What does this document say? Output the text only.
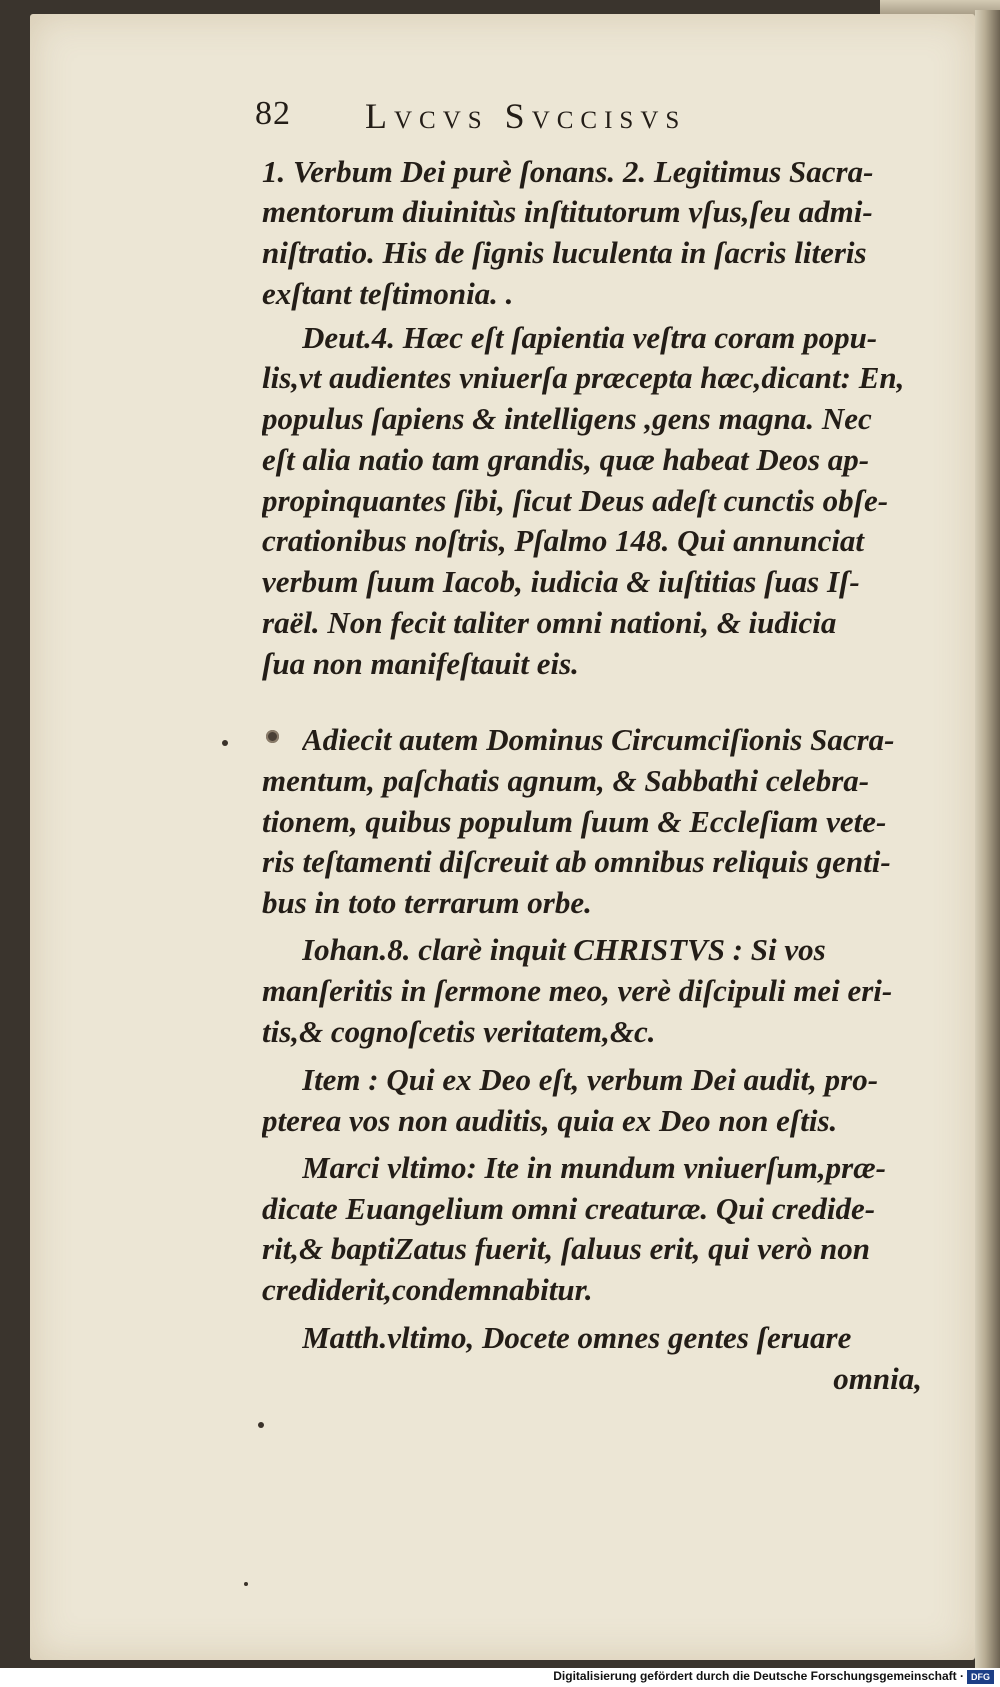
82 Lvcvs Svccisvs
1. Verbum Dei purè ſonans. 2. Legitimus Sacra-
mentorum diuinitùs inſtitutorum vſus,ſeu admi-
niſtratio. His de ſignis luculenta in ſacris literis
exſtant teſtimonia. .
Deut.4. Hæc eſt ſapientia veſtra coram popu-
lis,vt audientes vniuerſa præcepta hæc,dicant: En,
populus ſapiens & intelligens ,gens magna. Nec
eſt alia natio tam grandis, quæ habeat Deos ap-
propinquantes ſibi, ſicut Deus adeſt cunctis obſe-
crationibus noſtris, Pſalmo 148. Qui annunciat
verbum ſuum Iacob, iudicia & iuſtitias ſuas Iſ-
raël. Non fecit taliter omni nationi, & iudicia
ſua non manifeſtauit eis.
Adiecit autem Dominus Circumciſionis Sacra-
mentum, paſchatis agnum, & Sabbathi celebra-
tionem, quibus populum ſuum & Eccleſiam vete-
ris teſtamenti diſcreuit ab omnibus reliquis genti-
bus in toto terrarum orbe.
Iohan.8. clarè inquit CHRISTVS : Si vos
manſeritis in ſermone meo, verè diſcipuli mei eri-
tis,& cognoſcetis veritatem,&c.
Item : Qui ex Deo eſt, verbum Dei audit, pro-
pterea vos non auditis, quia ex Deo non eſtis.
Marci vltimo: Ite in mundum vniuerſum,præ-
dicate Euangelium omni creaturæ. Qui credide-
rit,& baptiZatus fuerit, ſaluus erit, qui verò non
crediderit,condemnabitur.
Matth.vltimo, Docete omnes gentes ſeruare
omnia,
Digitalisierung gefördert durch die Deutsche Forschungsgemeinschaft · DFG
